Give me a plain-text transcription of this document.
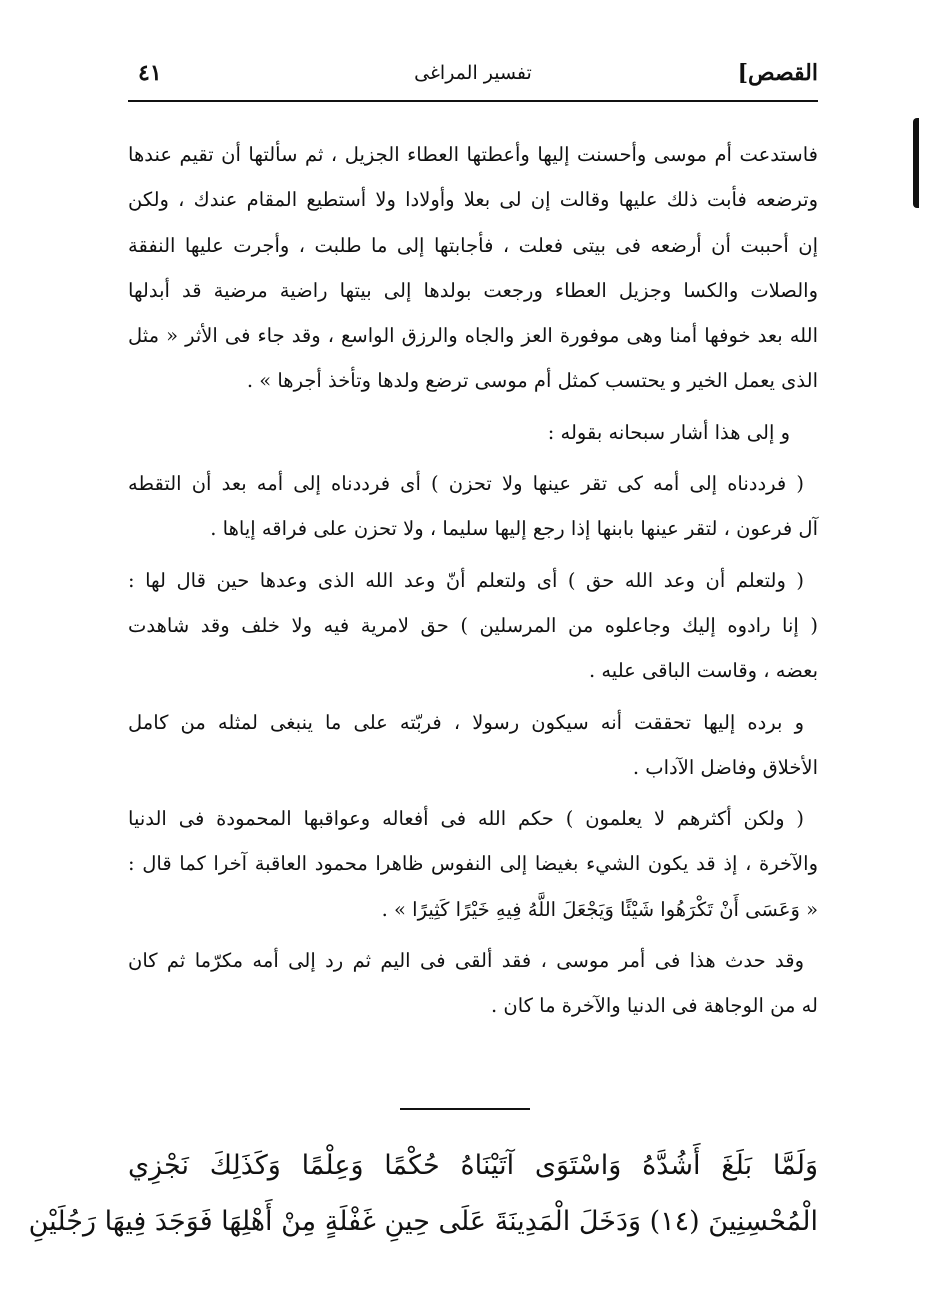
القصص]
تفسير المراغى
٤١

فاستدعت أم موسى وأحسنت إليها وأعطتها العطاء الجزيل ، ثم سألتها أن تقيم عندها
وترضعه فأبت ذلك عليها وقالت إن لى بعلا وأولادا ولا أستطيع المقام عندك ، ولكن
إن أحببت أن أرضعه فى بيتى فعلت ، فأجابتها إلى ما طلبت ، وأجرت عليها النفقة
والصلات والكسا وجزيل العطاء ورجعت بولدها إلى بيتها راضية مرضية قد أبدلها
الله بعد خوفها أمنا وهى موفورة العز والجاه والرزق الواسع ، وقد جاء فى الأثر « مثل
الذى يعمل الخير و يحتسب كمثل أم موسى ترضع ولدها وتأخذ أجرها » .

و إلى هذا أشار سبحانه بقوله :

( فرددناه إلى أمه كى تقر عينها ولا تحزن ) أى فرددناه إلى أمه بعد أن التقطه
آل فرعون ، لتقر عينها بابنها إذا رجع إليها سليما ، ولا تحزن على فراقه إياها .

( ولتعلم أن وعد الله حق ) أى ولتعلم أنّ وعد الله الذى وعدها حين قال لها :
( إنا رادوه إليك وجاعلوه من المرسلين ) حق لامرية فيه ولا خلف وقد شاهدت
بعضه ، وقاست الباقى عليه .

و برده إليها تحققت أنه سيكون رسولا ، فربّته على ما ينبغى لمثله من كامل
الأخلاق وفاضل الآداب .

( ولكن أكثرهم لا يعلمون ) حكم الله فى أفعاله وعواقبها المحمودة فى الدنيا
والآخرة ، إذ قد يكون الشيء بغيضا إلى النفوس ظاهرا محمود العاقبة آخرا كما قال :
« وَعَسَى أَنْ تَكْرَهُوا شَيْئًا وَيَجْعَلَ اللَّهُ فِيهِ خَيْرًا كَثِيرًا » .

وقد حدث هذا فى أمر موسى ، فقد ألقى فى اليم ثم رد إلى أمه مكرّما ثم كان
له من الوجاهة فى الدنيا والآخرة ما كان .

وَلَمَّا بَلَغَ أَشُدَّهُ وَاسْتَوَى آتَيْنَاهُ حُكْمًا وَعِلْمًا وَكَذَلِكَ نَجْزِي
الْمُحْسِنِينَ (١٤) وَدَخَلَ الْمَدِينَةَ عَلَى حِينِ غَفْلَةٍ مِنْ أَهْلِهَا فَوَجَدَ فِيهَا رَجُلَيْنِ
